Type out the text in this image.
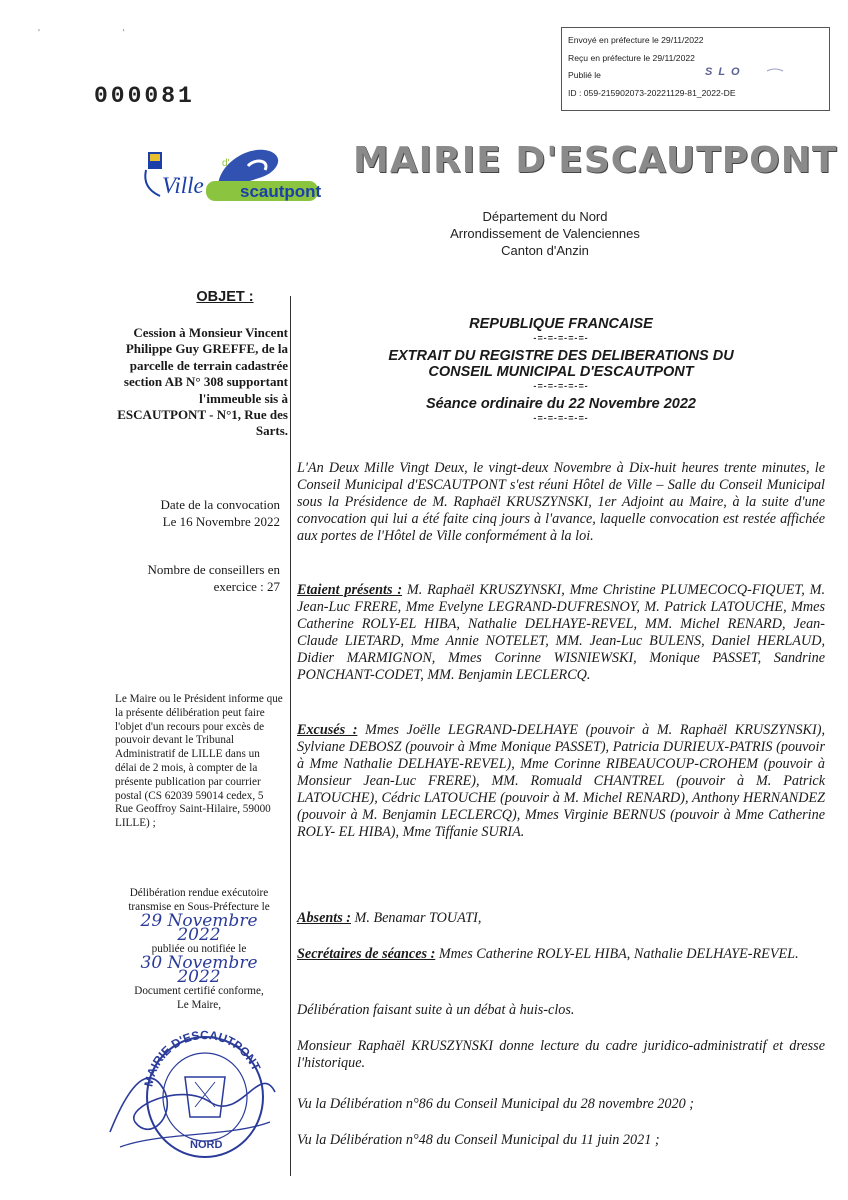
' '
Envoyé en préfecture le 29/11/2022
Reçu en préfecture le 29/11/2022
Publié le
ID : 059-215902073-20221129-81_2022-DE
SLO
000081
Ville
d'
scautpont
MAIRIE D'ESCAUTPONT
Département du Nord
Arrondissement de Valenciennes
Canton d'Anzin
OBJET :
Cession à Monsieur Vincent Philippe Guy GREFFE, de la parcelle de terrain cadastrée section AB N° 308 supportant l'immeuble sis à ESCAUTPONT - N°1, Rue des Sarts.
Date de la convocation
Le 16 Novembre 2022
Nombre de conseillers en
exercice : 27
Le Maire ou le Président informe que la présente délibération peut faire l'objet d'un recours pour excès de pouvoir devant le Tribunal Administratif de LILLE dans un délai de 2 mois, à compter de la présente publication par courrier postal (CS 62039 59014 cedex, 5 Rue Geoffroy Saint-Hilaire, 59000 LILLE) ;
Délibération rendue exécutoire transmise en Sous-Préfecture le
29 Novembre 2022
publiée ou notifiée le
30 Novembre 2022
Document certifié conforme,
Le Maire,
MAIRIE D'ESCAUTPONT
NORD
REPUBLIQUE FRANCAISE
-=-=-=-=-=-
EXTRAIT DU REGISTRE DES DELIBERATIONS DU
CONSEIL MUNICIPAL D'ESCAUTPONT
-=-=-=-=-=-
Séance ordinaire du 22 Novembre 2022
-=-=-=-=-=-

L'An Deux Mille Vingt Deux, le vingt-deux Novembre à Dix-huit heures trente minutes, le Conseil Municipal d'ESCAUTPONT s'est réuni Hôtel de Ville – Salle du Conseil Municipal sous la Présidence de M. Raphaël KRUSZYNSKI, 1er Adjoint au Maire, à la suite d'une convocation qui lui a été faite cinq jours à l'avance, laquelle convocation est restée affichée aux portes de l'Hôtel de Ville conformément à la loi.

Etaient présents : M. Raphaël KRUSZYNSKI, Mme Christine PLUMECOCQ-FIQUET, M. Jean-Luc FRERE, Mme Evelyne LEGRAND-DUFRESNOY, M. Patrick LATOUCHE, Mmes Catherine ROLY-EL HIBA, Nathalie DELHAYE-REVEL, MM. Michel RENARD, Jean-Claude LIETARD, Mme Annie NOTELET, MM. Jean-Luc BULENS, Daniel HERLAUD, Didier MARMIGNON, Mmes Corinne WISNIEWSKI, Monique PASSET, Sandrine PONCHANT-CODET, MM. Benjamin LECLERCQ.

Excusés : Mmes Joëlle LEGRAND-DELHAYE (pouvoir à M. Raphaël KRUSZYNSKI), Sylviane DEBOSZ (pouvoir à Mme Monique PASSET), Patricia DURIEUX-PATRIS (pouvoir à Mme Nathalie DELHAYE-REVEL), Mme Corinne RIBEAUCOUP-CROHEM (pouvoir à Monsieur Jean-Luc FRERE), MM. Romuald CHANTREL (pouvoir à M. Patrick LATOUCHE), Cédric LATOUCHE (pouvoir à M. Michel RENARD), Anthony HERNANDEZ (pouvoir à M. Benjamin LECLERCQ), Mmes Virginie BERNUS (pouvoir à Mme Catherine ROLY- EL HIBA), Mme Tiffanie SURIA.

Absents : M. Benamar TOUATI,

Secrétaires de séances : Mmes Catherine ROLY-EL HIBA, Nathalie DELHAYE-REVEL.

Délibération faisant suite à un débat à huis-clos.

Monsieur Raphaël KRUSZYNSKI donne lecture du cadre juridico-administratif et dresse l'historique.

Vu la Délibération n°86 du Conseil Municipal du 28 novembre 2020 ;

Vu la Délibération n°48 du Conseil Municipal du 11 juin 2021 ;
